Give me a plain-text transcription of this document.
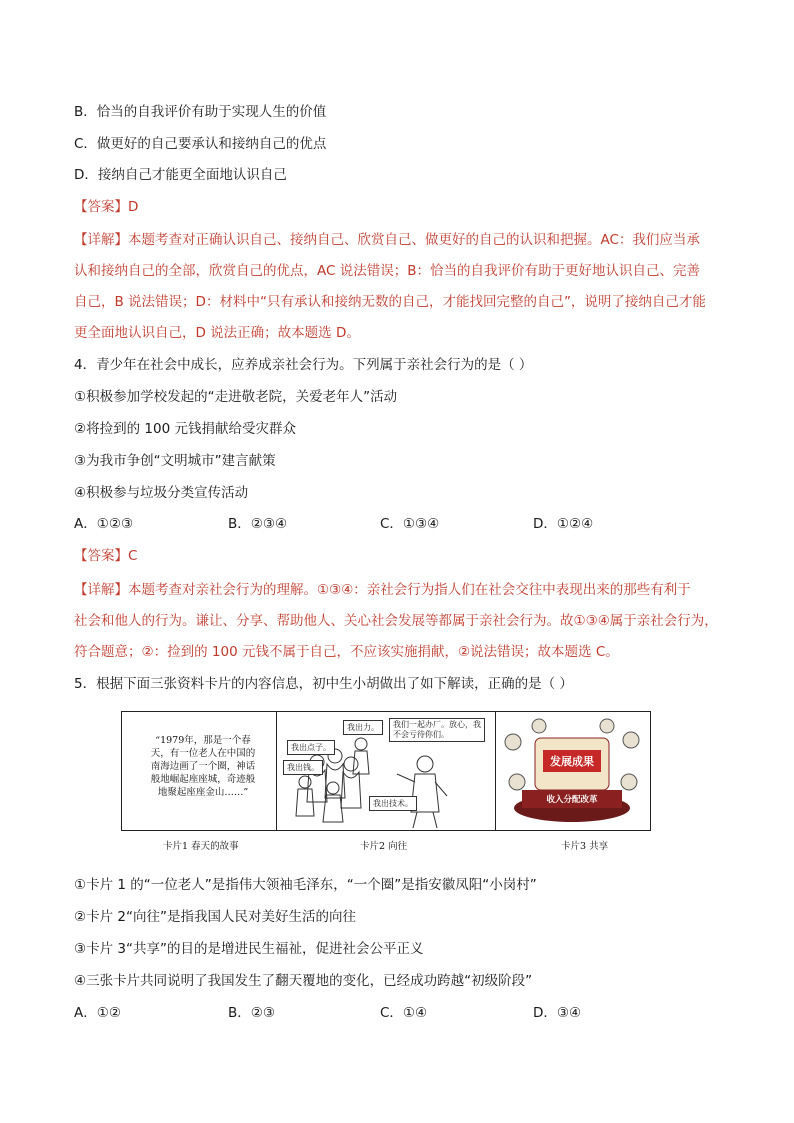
B．恰当的自我评价有助于实现人生的价值
C．做更好的自己要承认和接纳自己的优点
D．接纳自己才能更全面地认识自己
【答案】D
【详解】本题考查对正确认识自己、接纳自己、欣赏自己、做更好的自己的认识和把握。AC：我们应当承
认和接纳自己的全部，欣赏自己的优点，AC 说法错误；B：恰当的自我评价有助于更好地认识自己、完善
自己，B 说法错误；D：材料中“只有承认和接纳无数的自己，才能找回完整的自己”，说明了接纳自己才能
更全面地认识自己，D 说法正确；故本题选 D。
4．青少年在社会中成长，应养成亲社会行为。下列属于亲社会行为的是（ ）
①积极参加学校发起的“走进敬老院，关爱老年人”活动
②将捡到的 100 元钱捐献给受灾群众
③为我市争创“文明城市”建言献策
④积极参与垃圾分类宣传活动
A．①②③	B．②③④	C．①③④	D．①②④
【答案】C
【详解】本题考查对亲社会行为的理解。①③④：亲社会行为指人们在社会交往中表现出来的那些有利于
社会和他人的行为。谦让、分享、帮助他人、关心社会发展等都属于亲社会行为。故①③④属于亲社会行为，
符合题意；②：捡到的 100 元钱不属于自己，不应该实施捐献，②说法错误；故本题选 C。
5．根据下面三张资料卡片的内容信息，初中生小胡做出了如下解读，正确的是（ ）
“1979年，那是一个春天，有一位老人在中国的南海边画了一个圈，神话般地崛起座座城，奇迹般地聚起座座金山……”
我出点子。
我出力。	我们一起办厂。放心，我不会亏待你们。
我出钱。
我出技术。
发展成果
收入分配改革
卡片1 春天的故事	卡片2 向往	卡片3 共享
①卡片 1 的“一位老人”是指伟大领袖毛泽东，“一个圈”是指安徽凤阳“小岗村”
②卡片 2“向往”是指我国人民对美好生活的向往
③卡片 3“共享”的目的是增进民生福祉，促进社会公平正义
④三张卡片共同说明了我国发生了翻天覆地的变化，已经成功跨越“初级阶段”
A．①②	B．②③	C．①④	D．③④
